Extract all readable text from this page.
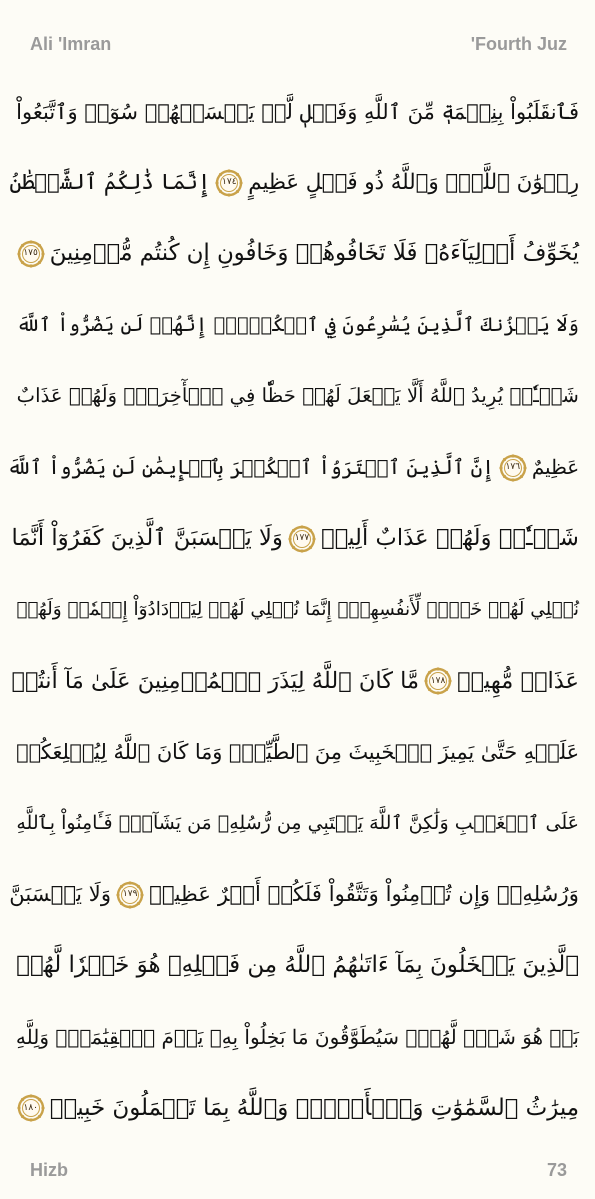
Ali 'Imran	'Fourth Juz
فَٱنقَلَبُواْ بِنِعۡمَةٖ مِّنَ ٱللَّهِ وَفَضۡلٖ لَّمۡ يَمۡسَسۡهُمۡ سُوٓءٞ وَٱتَّبَعُواْ
رِضۡوَٰنَ ٱللَّهِۗ وَٱللَّهُ ذُو فَضۡلٍ عَظِيمٍ
١٧٤
إِنَّمَا ذَٰلِكُمُ ٱلشَّيۡطَٰنُ
يُخَوِّفُ أَوۡلِيَآءَهُۥ فَلَا تَخَافُوهُمۡ وَخَافُونِ إِن كُنتُم مُّؤۡمِنِينَ
١٧٥
وَلَا يَحۡزُنكَ ٱلَّذِينَ يُسَٰرِعُونَ فِي ٱلۡكُفۡرِۚ إِنَّهُمۡ لَن يَضُرُّواْ ٱللَّهَ
شَيۡـٔٗاۚ يُرِيدُ ٱللَّهُ أَلَّا يَجۡعَلَ لَهُمۡ حَظّٗا فِي ٱلۡأٓخِرَةِۖ وَلَهُمۡ عَذَابٌ
عَظِيمٌ
١٧٦
إِنَّ ٱلَّذِينَ ٱشۡتَرَوُاْ ٱلۡكُفۡرَ بِٱلۡإِيمَٰنِ لَن يَضُرُّواْ ٱللَّهَ
شَيۡـٔٗاۖ وَلَهُمۡ عَذَابٌ أَلِيمٞ
١٧٧
وَلَا يَحۡسَبَنَّ ٱلَّذِينَ كَفَرُوٓاْ أَنَّمَا
نُمۡلِي لَهُمۡ خَيۡرٞ لِّأَنفُسِهِمۡۚ إِنَّمَا نُمۡلِي لَهُمۡ لِيَزۡدَادُوٓاْ إِثۡمٗاۖ وَلَهُمۡ
عَذَابٞ مُّهِينٞ
١٧٨
مَّا كَانَ ٱللَّهُ لِيَذَرَ ٱلۡمُؤۡمِنِينَ عَلَىٰ مَآ أَنتُمۡ
عَلَيۡهِ حَتَّىٰ يَمِيزَ ٱلۡخَبِيثَ مِنَ ٱلطَّيِّبِۗ وَمَا كَانَ ٱللَّهُ لِيُطۡلِعَكُمۡ
عَلَى ٱلۡغَيۡبِ وَلَٰكِنَّ ٱللَّهَ يَجۡتَبِي مِن رُّسُلِهِۦ مَن يَشَآءُۖ فَـَٔامِنُواْ بِٱللَّهِ
وَرُسُلِهِۦۚ وَإِن تُؤۡمِنُواْ وَتَتَّقُواْ فَلَكُمۡ أَجۡرٌ عَظِيمٞ
١٧٩
وَلَا يَحۡسَبَنَّ
ٱلَّذِينَ يَبۡخَلُونَ بِمَآ ءَاتَىٰهُمُ ٱللَّهُ مِن فَضۡلِهِۦ هُوَ خَيۡرٗا لَّهُمۖ
بَلۡ هُوَ شَرّٞ لَّهُمۡۖ سَيُطَوَّقُونَ مَا بَخِلُواْ بِهِۦ يَوۡمَ ٱلۡقِيَٰمَةِۗ وَلِلَّهِ
مِيرَٰثُ ٱلسَّمَٰوَٰتِ وَٱلۡأَرۡضِۗ وَٱللَّهُ بِمَا تَعۡمَلُونَ خَبِيرٞ
١٨٠
Hizb	73
